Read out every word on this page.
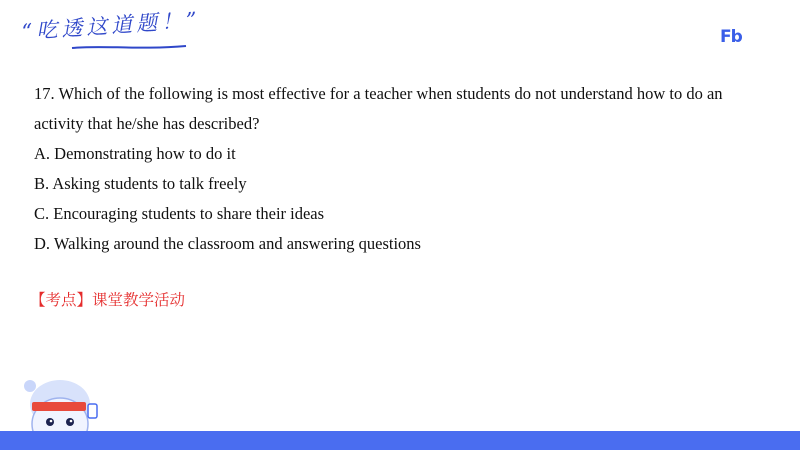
“吃透这道题！”	Fb

17. Which of the following is most effective for a teacher when students do not understand how to do an

activity that he/she has described?

A. Demonstrating how to do it

B. Asking students to talk freely

C. Encouraging students to share their ideas

D. Walking around the classroom and answering questions

【考点】课堂教学活动
